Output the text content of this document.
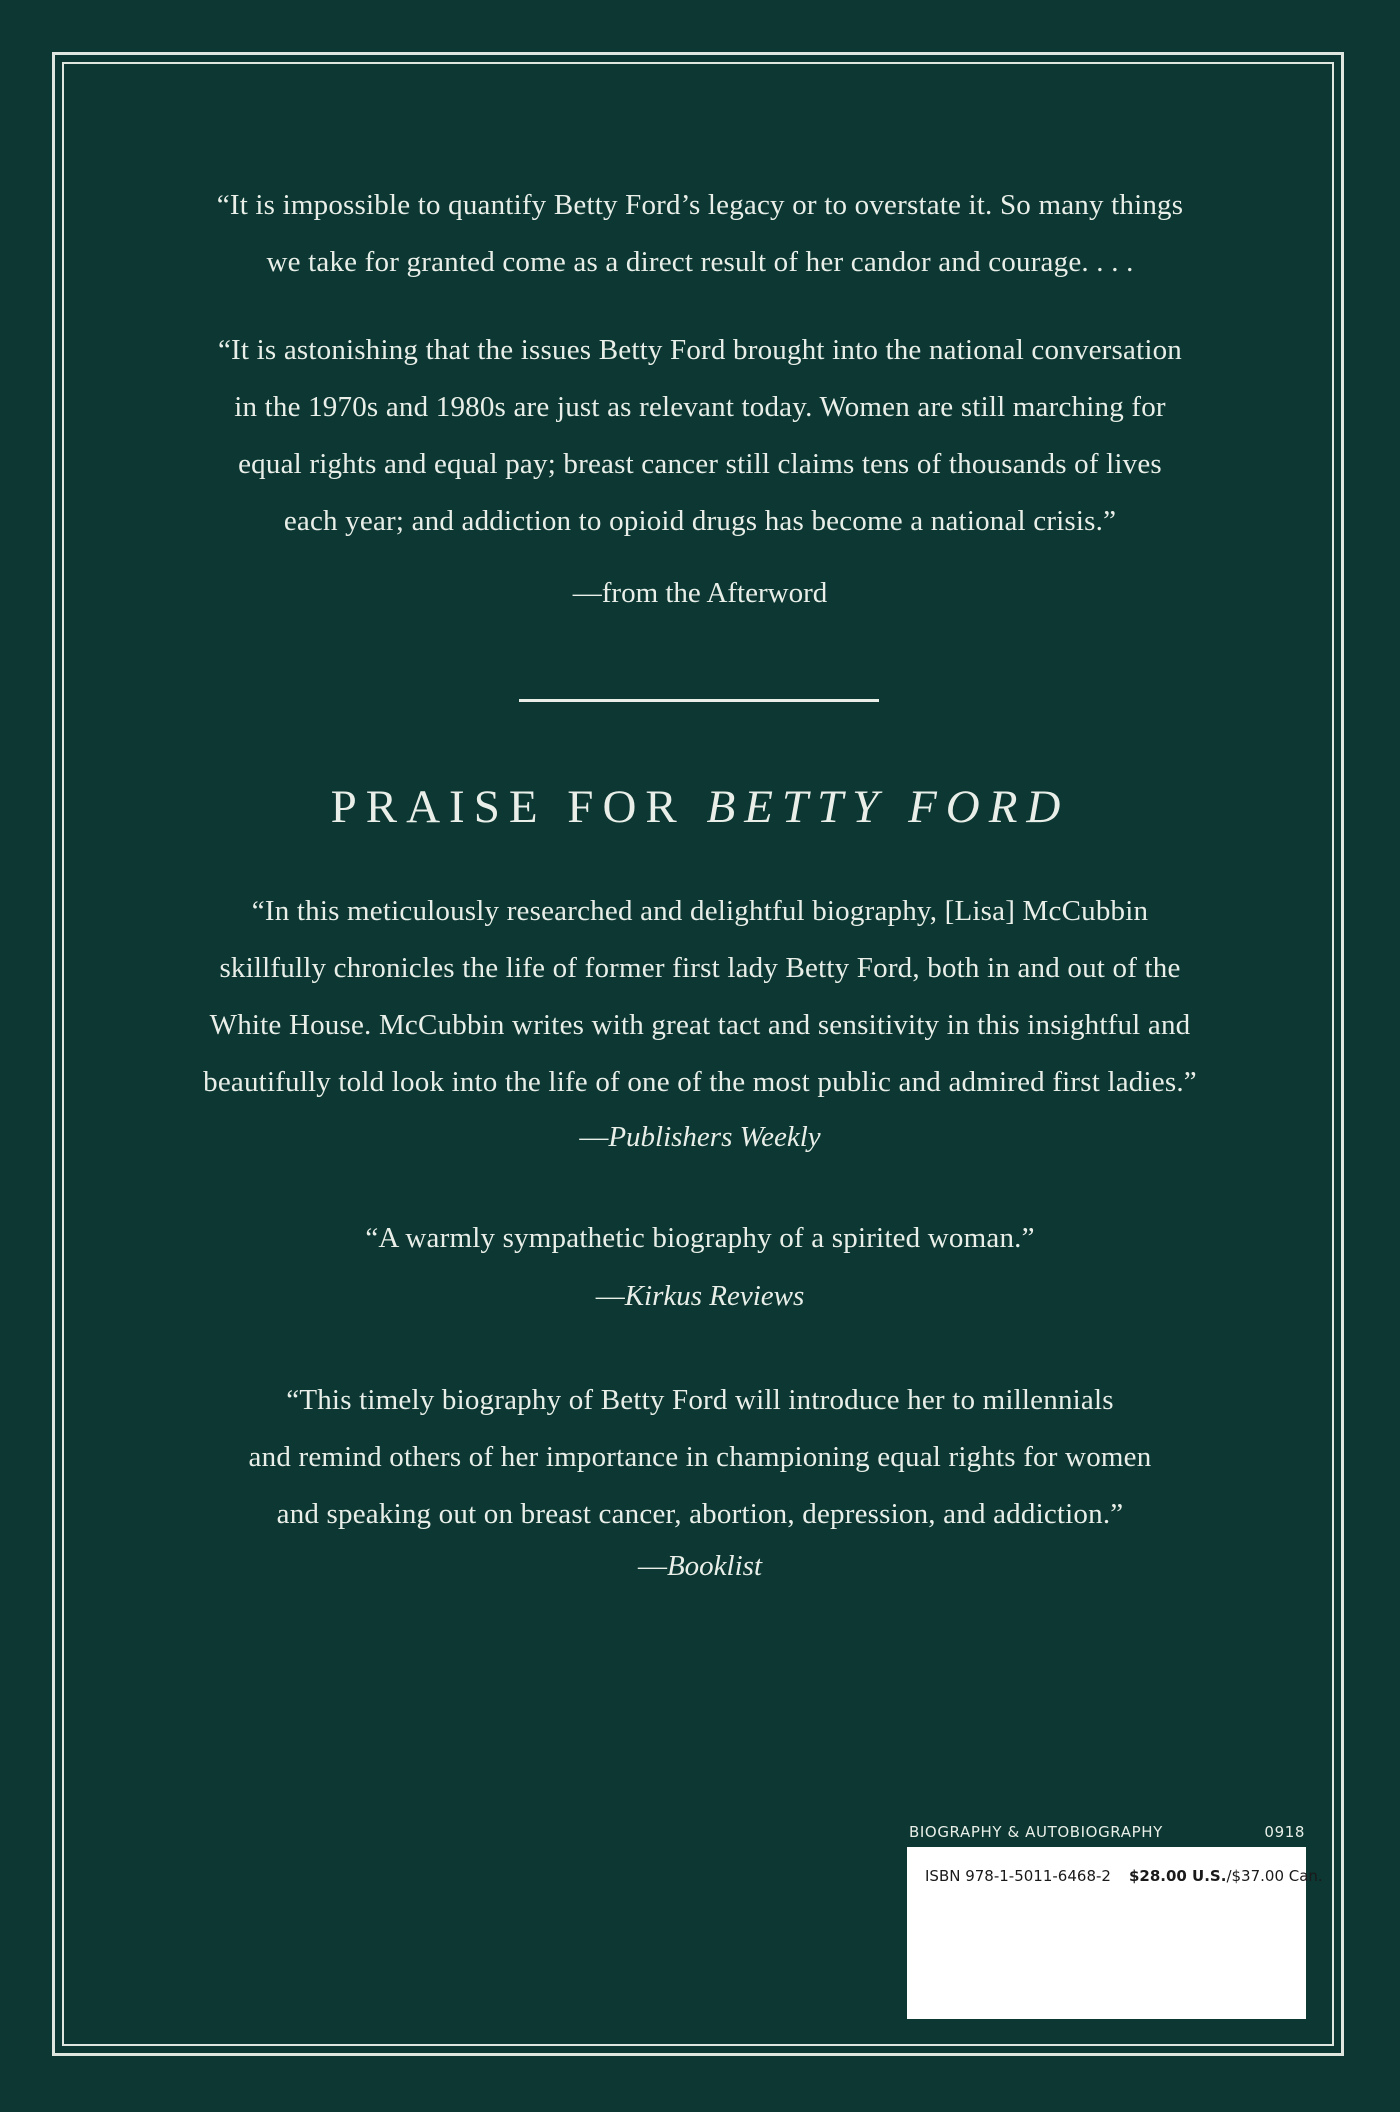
“It is impossible to quantify Betty Ford’s legacy or to overstate it. So many things

we take for granted come as a direct result of her candor and courage. . . .

“It is astonishing that the issues Betty Ford brought into the national conversation

in the 1970s and 1980s are just as relevant today. Women are still marching for

equal rights and equal pay; breast cancer still claims tens of thousands of lives

each year; and addiction to opioid drugs has become a national crisis.”

—from the Afterword
PRAISE FOR BETTY FORD

“In this meticulously researched and delightful biography, [Lisa] McCubbin

skillfully chronicles the life of former first lady Betty Ford, both in and out of the

White House. McCubbin writes with great tact and sensitivity in this insightful and

beautifully told look into the life of one of the most public and admired first ladies.”

—Publishers Weekly

“A warmly sympathetic biography of a spirited woman.”

—Kirkus Reviews

“This timely biography of Betty Ford will introduce her to millennials

and remind others of her importance in championing equal rights for women

and speaking out on breast cancer, abortion, depression, and addiction.”

—Booklist
BIOGRAPHY & AUTOBIOGRAPHY	0918
ISBN 978-1-5011-6468-2 $28.00 U.S./$37.00 Can.
